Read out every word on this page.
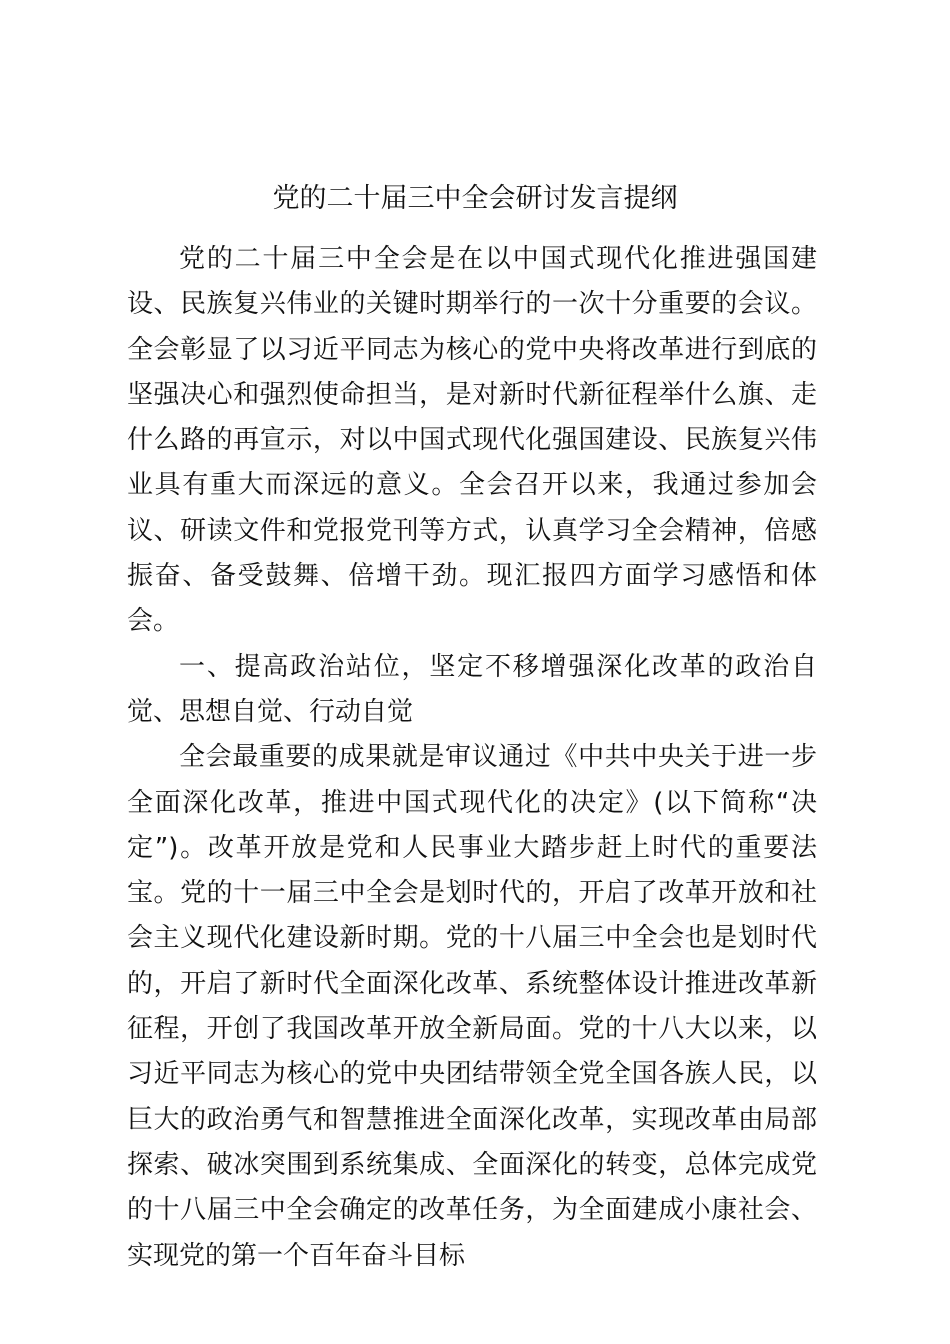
党的二十届三中全会研讨发言提纲

党的二十届三中全会是在以中国式现代化推进强国建设、民族复兴伟业的关键时期举行的一次十分重要的会议。全会彰显了以习近平同志为核心的党中央将改革进行到底的坚强决心和强烈使命担当，是对新时代新征程举什么旗、走什么路的再宣示，对以中国式现代化强国建设、民族复兴伟业具有重大而深远的意义。全会召开以来，我通过参加会议、研读文件和党报党刊等方式，认真学习全会精神，倍感振奋、备受鼓舞、倍增干劲。现汇报四方面学习感悟和体会。

一、提高政治站位，坚定不移增强深化改革的政治自觉、思想自觉、行动自觉

全会最重要的成果就是审议通过《中共中央关于进一步全面深化改革，推进中国式现代化的决定》(以下简称“决定”)。改革开放是党和人民事业大踏步赶上时代的重要法宝。党的十一届三中全会是划时代的，开启了改革开放和社会主义现代化建设新时期。党的十八届三中全会也是划时代的，开启了新时代全面深化改革、系统整体设计推进改革新征程，开创了我国改革开放全新局面。党的十八大以来，以习近平同志为核心的党中央团结带领全党全国各族人民，以巨大的政治勇气和智慧推进全面深化改革，实现改革由局部探索、破冰突围到系统集成、全面深化的转变，总体完成党的十八届三中全会确定的改革任务，为全面建成小康社会、实现党的第一个百年奋斗目标
